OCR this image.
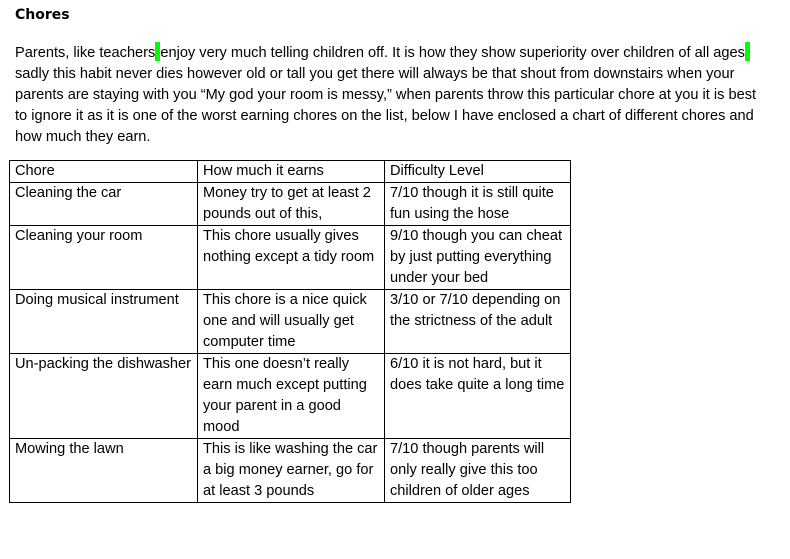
Chores

Parents, like teachers enjoy very much telling children off. It is how they show superiority over children of all agessadly this habit never dies however old or tall you get there will always be that shout from downstairs when your parents are staying with you “My god your room is messy,” when parents throw this particular chore at you it is best to ignore it as it is one of the worst earning chores on the list, below I have enclosed a chart of different chores and how much they earn.

Chore	How much it earns	Difficulty Level
Cleaning the car	Money try to get at least 2 pounds out of this,	7/10 though it is still quite fun using the hose
Cleaning your room	This chore usually gives nothing except a tidy room	9/10 though you can cheat by just putting everything under your bed
Doing musical instrument	This chore is a nice quick one and will usually get computer time	3/10 or 7/10 depending on the strictness of the adult
Un-packing the dishwasher	This one doesn’t really earn much except putting your parent in a good mood	6/10 it is not hard, but it does take quite a long time
Mowing the lawn	This is like washing the car a big money earner, go for at least 3 pounds	7/10 though parents will only really give this too children of older ages
